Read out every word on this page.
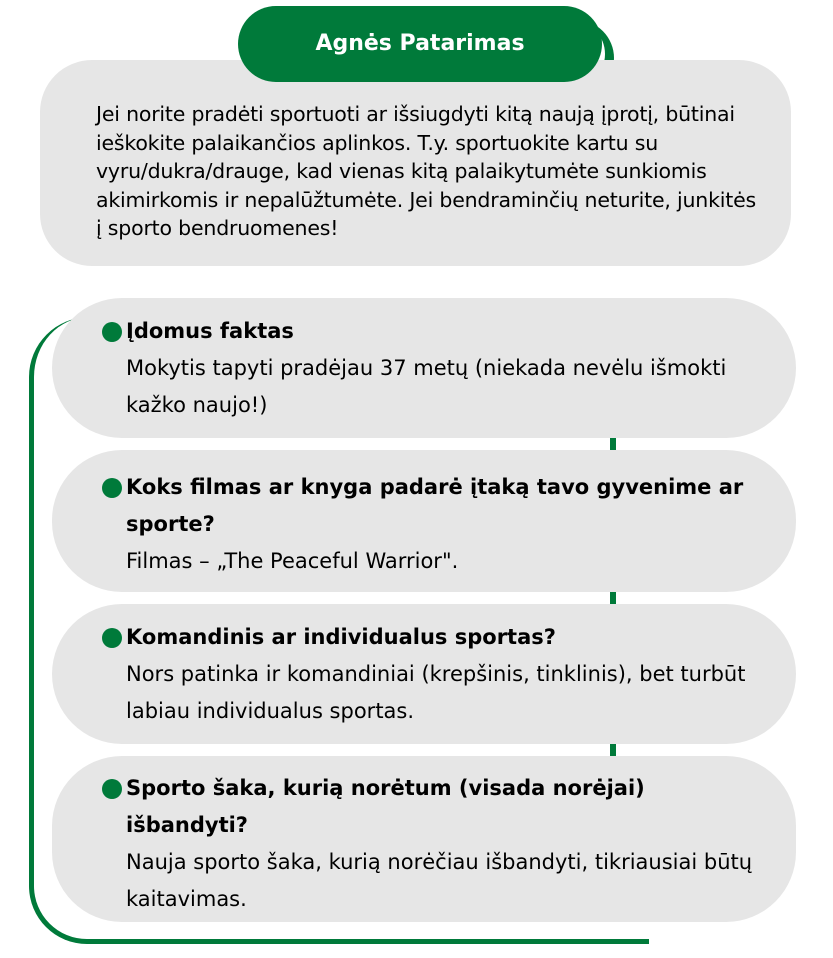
Jei norite pradėti sportuoti ar išsiugdyti kitą naują įprotį, būtinai ieškokite palaikančios aplinkos. T.y. sportuokite kartu su vyru/dukra/drauge, kad vienas kitą palaikytumėte sunkiomis akimirkomis ir nepalūžtumėte. Jei bendraminčių neturite, junkitės į sporto bendruomenes!

Agnės Patarimas

Įdomus faktas

Mokytis tapyti pradėjau 37 metų (niekada nevėlu išmokti kažko naujo!)

Koks filmas ar knyga padarė įtaką tavo gyvenime ar sporte?

Filmas – „The Peaceful Warrior".

Komandinis ar individualus sportas?

Nors patinka ir komandiniai (krepšinis, tinklinis), bet turbūt labiau individualus sportas.

Sporto šaka, kurią norėtum (visada norėjai) išbandyti?

Nauja sporto šaka, kurią norėčiau išbandyti, tikriausiai būtų kaitavimas.
